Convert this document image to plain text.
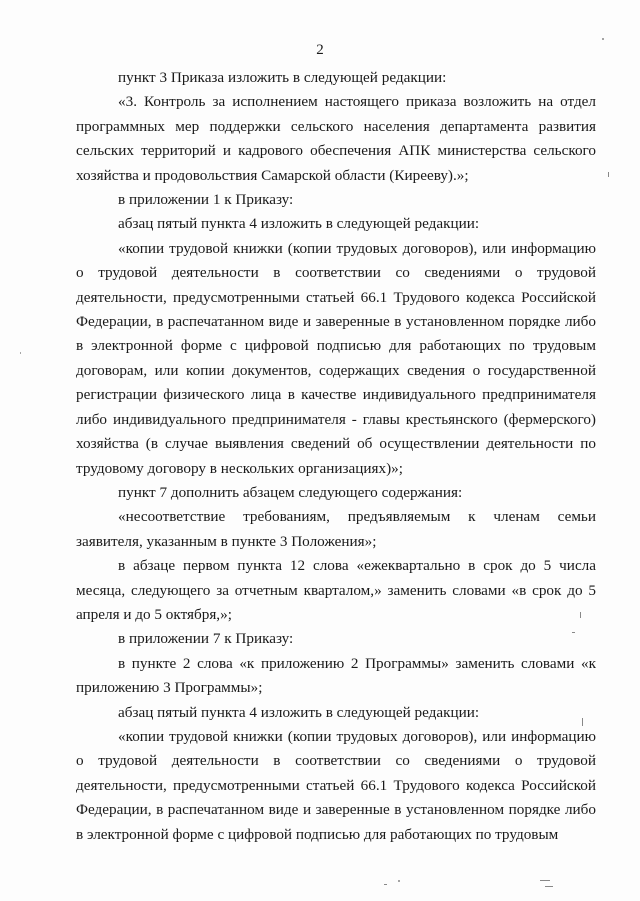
2

пункт 3 Приказа изложить в следующей редакции:

«3. Контроль за исполнением настоящего приказа возложить на отдел программных мер поддержки сельского населения департамента развития сельских территорий и кадрового обеспечения АПК министерства сельского хозяйства и продовольствия Самарской области (Кирееву).»;

в приложении 1 к Приказу:

абзац пятый пункта 4 изложить в следующей редакции:

«копии трудовой книжки (копии трудовых договоров), или информацию о трудовой деятельности в соответствии со сведениями о трудовой деятельности, предусмотренными статьей 66.1 Трудового кодекса Российской Федерации, в распечатанном виде и заверенные в установленном порядке либо в электронной форме с цифровой подписью для работающих по трудовым договорам, или копии документов, содержащих сведения о государственной регистрации физического лица в качестве индивидуального предпринимателя либо индивидуального предпринимателя - главы крестьянского (фермерского) хозяйства (в случае выявления сведений об осуществлении деятельности по трудовому договору в нескольких организациях)»;

пункт 7 дополнить абзацем следующего содержания:

«несоответствие требованиям, предъявляемым к членам семьи заявителя, указанным в пункте 3 Положения»;

в абзаце первом пункта 12 слова «ежеквартально в срок до 5 числа месяца, следующего за отчетным кварталом,» заменить словами «в срок до 5 апреля и до 5 октября,»;

в приложении 7 к Приказу:

в пункте 2 слова «к приложению 2 Программы» заменить словами «к приложению 3 Программы»;

абзац пятый пункта 4 изложить в следующей редакции:

«копии трудовой книжки (копии трудовых договоров), или информацию о трудовой деятельности в соответствии со сведениями о трудовой деятельности, предусмотренными статьей 66.1 Трудового кодекса Российской Федерации, в распечатанном виде и заверенные в установленном порядке либо в электронной форме с цифровой подписью для работающих по трудовым
